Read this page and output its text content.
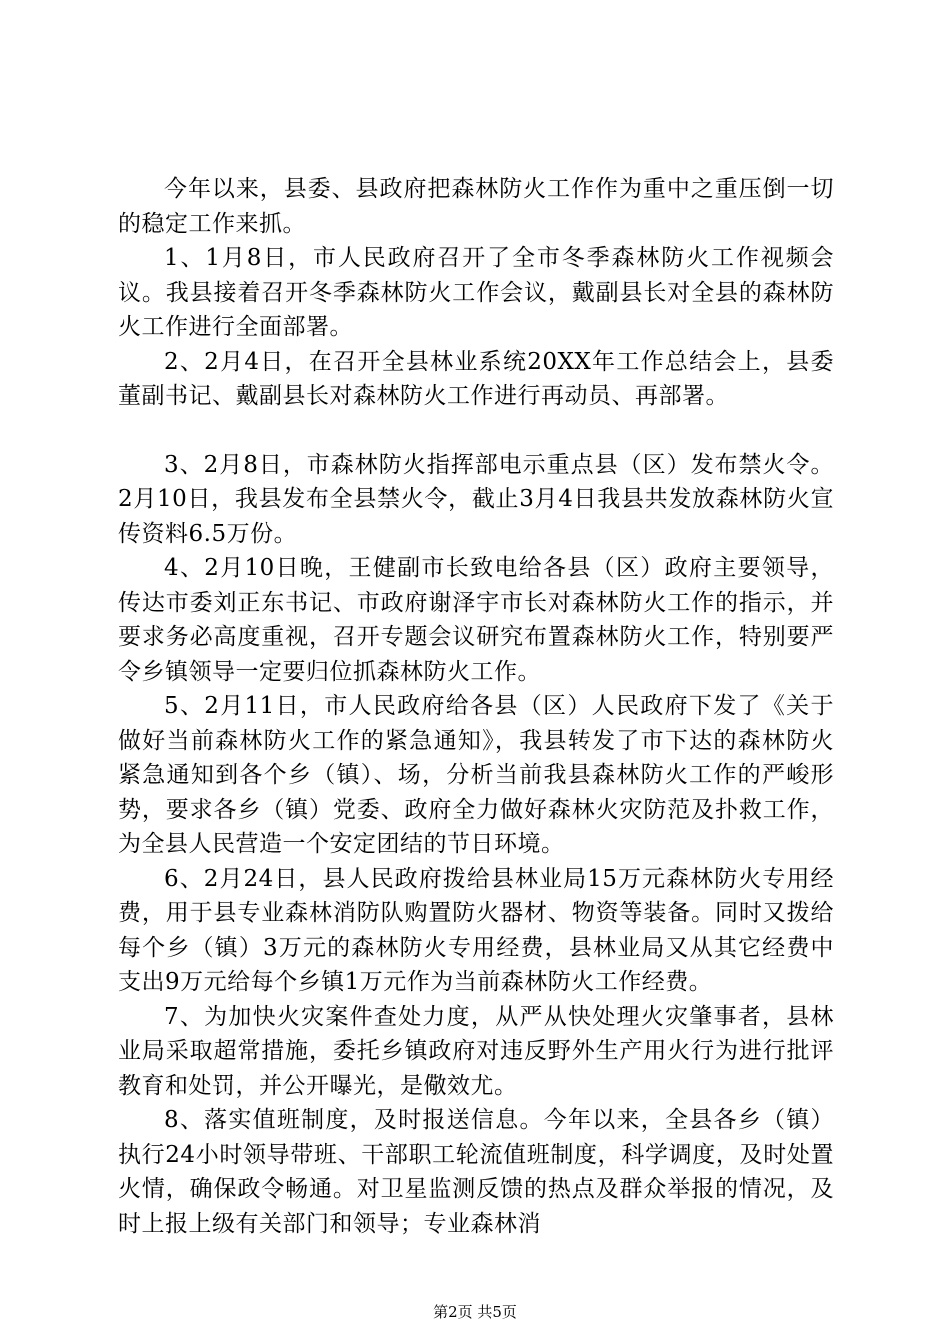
今年以来，县委、县政府把森林防火工作作为重中之重压倒一切的稳定工作来抓。

1、1月8日，市人民政府召开了全市冬季森林防火工作视频会议。我县接着召开冬季森林防火工作会议，戴副县长对全县的森林防火工作进行全面部署。

2、2月4日，在召开全县林业系统20XX年工作总结会上，县委董副书记、戴副县长对森林防火工作进行再动员、再部署。

3、2月8日，市森林防火指挥部电示重点县（区）发布禁火令。2月10日，我县发布全县禁火令，截止3月4日我县共发放森林防火宣传资料6.5万份。

4、2月10日晚，王健副市长致电给各县（区）政府主要领导，传达市委刘正东书记、市政府谢泽宇市长对森林防火工作的指示，并要求务必高度重视，召开专题会议研究布置森林防火工作，特别要严令乡镇领导一定要归位抓森林防火工作。

5、2月11日，市人民政府给各县（区）人民政府下发了《关于做好当前森林防火工作的紧急通知》，我县转发了市下达的森林防火紧急通知到各个乡（镇）、场，分析当前我县森林防火工作的严峻形势，要求各乡（镇）党委、政府全力做好森林火灾防范及扑救工作，为全县人民营造一个安定团结的节日环境。

6、2月24日，县人民政府拨给县林业局15万元森林防火专用经费，用于县专业森林消防队购置防火器材、物资等装备。同时又拨给每个乡（镇）3万元的森林防火专用经费，县林业局又从其它经费中支出9万元给每个乡镇1万元作为当前森林防火工作经费。

7、为加快火灾案件查处力度，从严从快处理火灾肇事者，县林业局采取超常措施，委托乡镇政府对违反野外生产用火行为进行批评教育和处罚，并公开曝光，是儆效尤。

8、落实值班制度，及时报送信息。今年以来，全县各乡（镇）执行24小时领导带班、干部职工轮流值班制度，科学调度，及时处置火情，确保政令畅通。对卫星监测反馈的热点及群众举报的情况，及时上报上级有关部门和领导；专业森林消

第2页 共5页
